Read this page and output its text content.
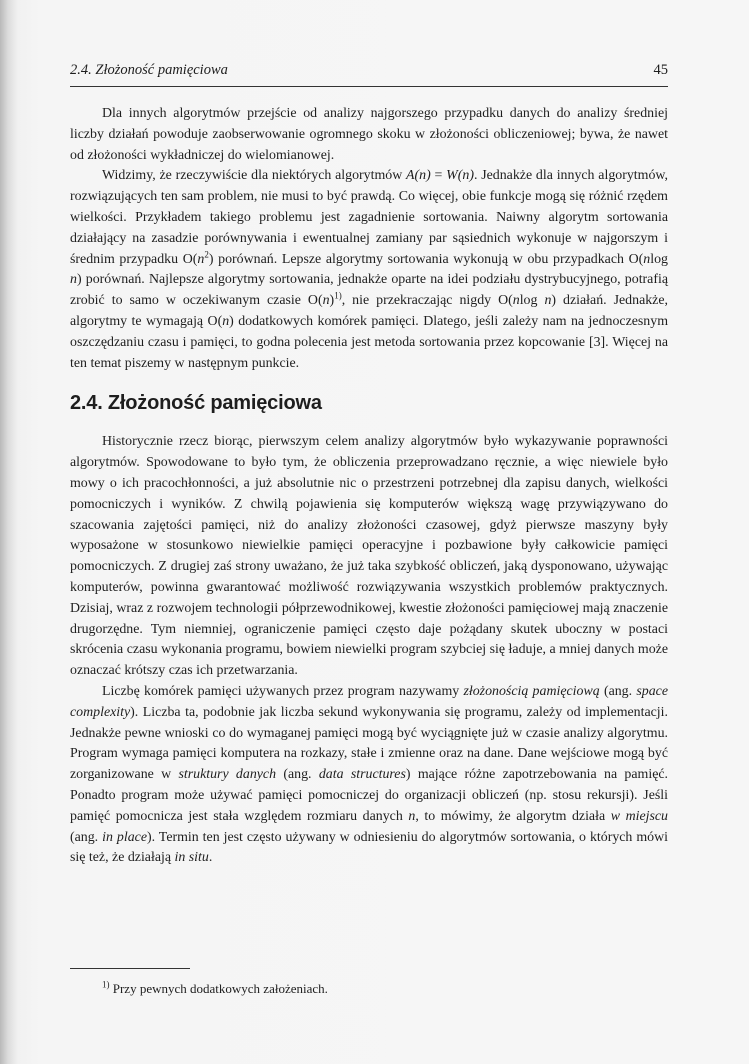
2.4. Złożoność pamięciowa	45

Dla innych algorytmów przejście od analizy najgorszego przypadku danych do analizy średniej liczby działań powoduje zaobserwowanie ogromnego skoku w złożoności obliczeniowej; bywa, że nawet od złożoności wykładniczej do wielomianowej.

Widzimy, że rzeczywiście dla niektórych algorytmów A(n) = W(n). Jednakże dla innych algorytmów, rozwiązujących ten sam problem, nie musi to być prawdą. Co więcej, obie funkcje mogą się różnić rzędem wielkości. Przykładem takiego problemu jest zagadnienie sortowania. Naiwny algorytm sortowania działający na zasadzie porównywania i ewentualnej zamiany par sąsiednich wykonuje w najgorszym i średnim przypadku $O(n^2)$ porównań. Lepsze algorytmy sortowania wykonują w obu przypadkach O(nlog n) porównań. Najlepsze algorytmy sortowania, jednakże oparte na idei podziału dystrybucyjnego, potrafią zrobić to samo w oczekiwanym czasie $O(n)^{1)}$, nie przekraczając nigdy O(nlog n) działań. Jednakże, algorytmy te wymagają O(n) dodatkowych komórek pamięci. Dlatego, jeśli zależy nam na jednoczesnym oszczędzaniu czasu i pamięci, to godna polecenia jest metoda sortowania przez kopcowanie [3]. Więcej na ten temat piszemy w następnym punkcie.

2.4. Złożoność pamięciowa

Historycznie rzecz biorąc, pierwszym celem analizy algorytmów było wykazywanie poprawności algorytmów. Spowodowane to było tym, że obliczenia przeprowadzano ręcznie, a więc niewiele było mowy o ich pracochłonności, a już absolutnie nic o przestrzeni potrzebnej dla zapisu danych, wielkości pomocniczych i wyników. Z chwilą pojawienia się komputerów większą wagę przywiązywano do szacowania zajętości pamięci, niż do analizy złożoności czasowej, gdyż pierwsze maszyny były wyposażone w stosunkowo niewielkie pamięci operacyjne i pozbawione były całkowicie pamięci pomocniczych. Z drugiej zaś strony uważano, że już taka szybkość obliczeń, jaką dysponowano, używając komputerów, powinna gwarantować możliwość rozwiązywania wszystkich problemów praktycznych. Dzisiaj, wraz z rozwojem technologii półprzewodnikowej, kwestie złożoności pamięciowej mają znaczenie drugorzędne. Tym niemniej, ograniczenie pamięci często daje pożądany skutek uboczny w postaci skrócenia czasu wykonania programu, bowiem niewielki program szybciej się ładuje, a mniej danych może oznaczać krótszy czas ich przetwarzania.

Liczbę komórek pamięci używanych przez program nazywamy złożonością pamięciową (ang. space complexity). Liczba ta, podobnie jak liczba sekund wykonywania się programu, zależy od implementacji. Jednakże pewne wnioski co do wymaganej pamięci mogą być wyciągnięte już w czasie analizy algorytmu. Program wymaga pamięci komputera na rozkazy, stałe i zmienne oraz na dane. Dane wejściowe mogą być zorganizowane w struktury danych (ang. data structures) mające różne zapotrzebowania na pamięć. Ponadto program może używać pamięci pomocniczej do organizacji obliczeń (np. stosu rekursji). Jeśli pamięć pomocnicza jest stała względem rozmiaru danych n, to mówimy, że algorytm działa w miejscu (ang. in place). Termin ten jest często używany w odniesieniu do algorytmów sortowania, o których mówi się też, że działają in situ.

$^{1)}$ Przy pewnych dodatkowych założeniach.
